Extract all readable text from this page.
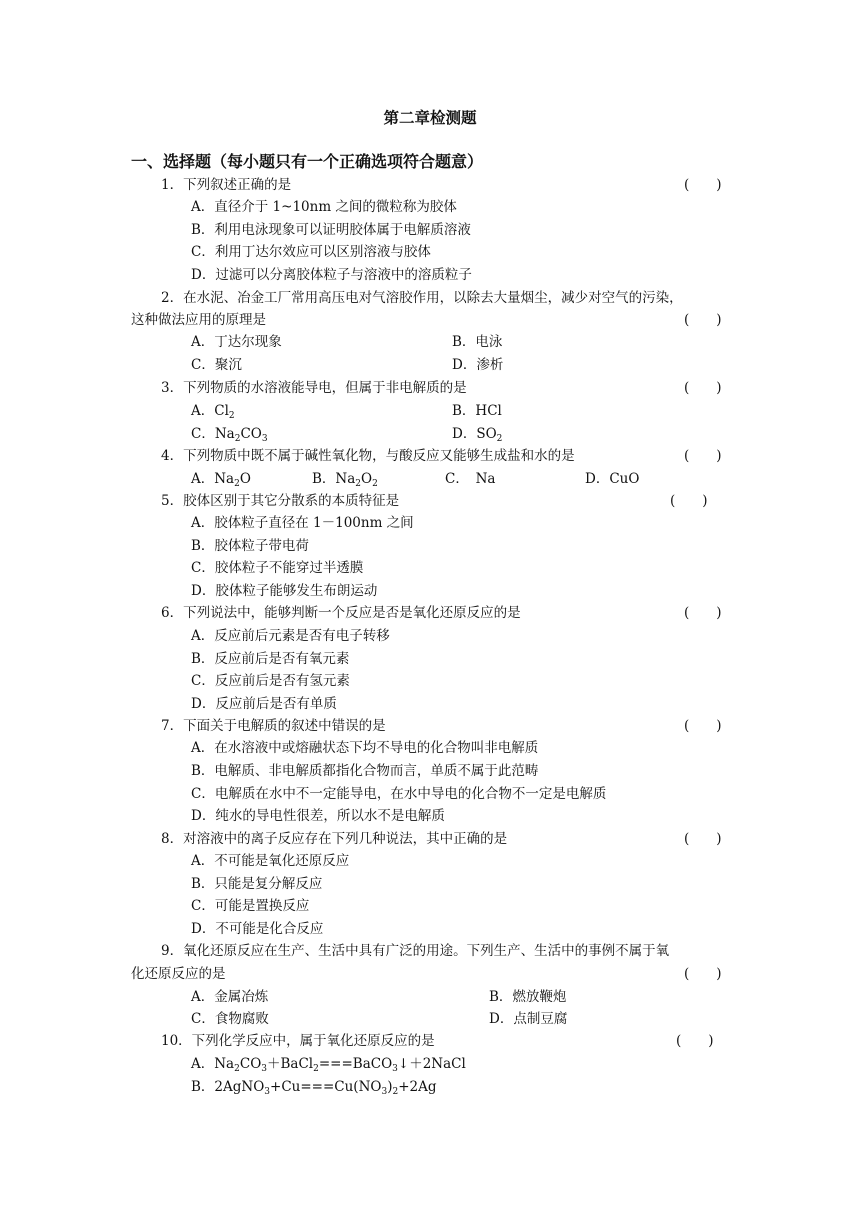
第二章检测题
一、选择题（每小题只有一个正确选项符合题意）
1．下列叙述正确的是	(　　)
A．直径介于 1~10nm 之间的微粒称为胶体
B．利用电泳现象可以证明胶体属于电解质溶液
C．利用丁达尔效应可以区别溶液与胶体
D．过滤可以分离胶体粒子与溶液中的溶质粒子
2．在水泥、冶金工厂常用高压电对气溶胶作用，以除去大量烟尘，减少对空气的污染，
这种做法应用的原理是	(　　)
A．丁达尔现象	B．电泳
C．聚沉	D．渗析
3．下列物质的水溶液能导电，但属于非电解质的是	(　　)
A．$Cl_2$	B．HCl
C．$Na_2CO_3$	D．$SO_2$
4．下列物质中既不属于碱性氧化物，与酸反应又能够生成盐和水的是	(　　)
A．$Na_2O$	B．$Na_2O_2$	C．　Na	D．CuO
5．胶体区别于其它分散系的本质特征是	(　　)
A．胶体粒子直径在 1－100nm 之间
B．胶体粒子带电荷
C．胶体粒子不能穿过半透膜
D．胶体粒子能够发生布朗运动
6．下列说法中，能够判断一个反应是否是氧化还原反应的是	(　　)
A．反应前后元素是否有电子转移
B．反应前后是否有氧元素
C．反应前后是否有氢元素
D．反应前后是否有单质
7．下面关于电解质的叙述中错误的是	(　　)
A．在水溶液中或熔融状态下均不导电的化合物叫非电解质
B．电解质、非电解质都指化合物而言，单质不属于此范畴
C．电解质在水中不一定能导电，在水中导电的化合物不一定是电解质
D．纯水的导电性很差，所以水不是电解质
8．对溶液中的离子反应存在下列几种说法，其中正确的是	(　　)
A．不可能是氧化还原反应
B．只能是复分解反应
C．可能是置换反应
D．不可能是化合反应
9．氧化还原反应在生产、生活中具有广泛的用途。下列生产、生活中的事例不属于氧
化还原反应的是	(　　)
A．金属冶炼	B．燃放鞭炮
C．食物腐败	D．点制豆腐
10．下列化学反应中，属于氧化还原反应的是	(　　)
A．$Na_2CO_3+BaCl_2===BaCO_3↓+2NaCl$
B．$2AgNO_3+Cu===Cu(NO_3)_2+2Ag$
